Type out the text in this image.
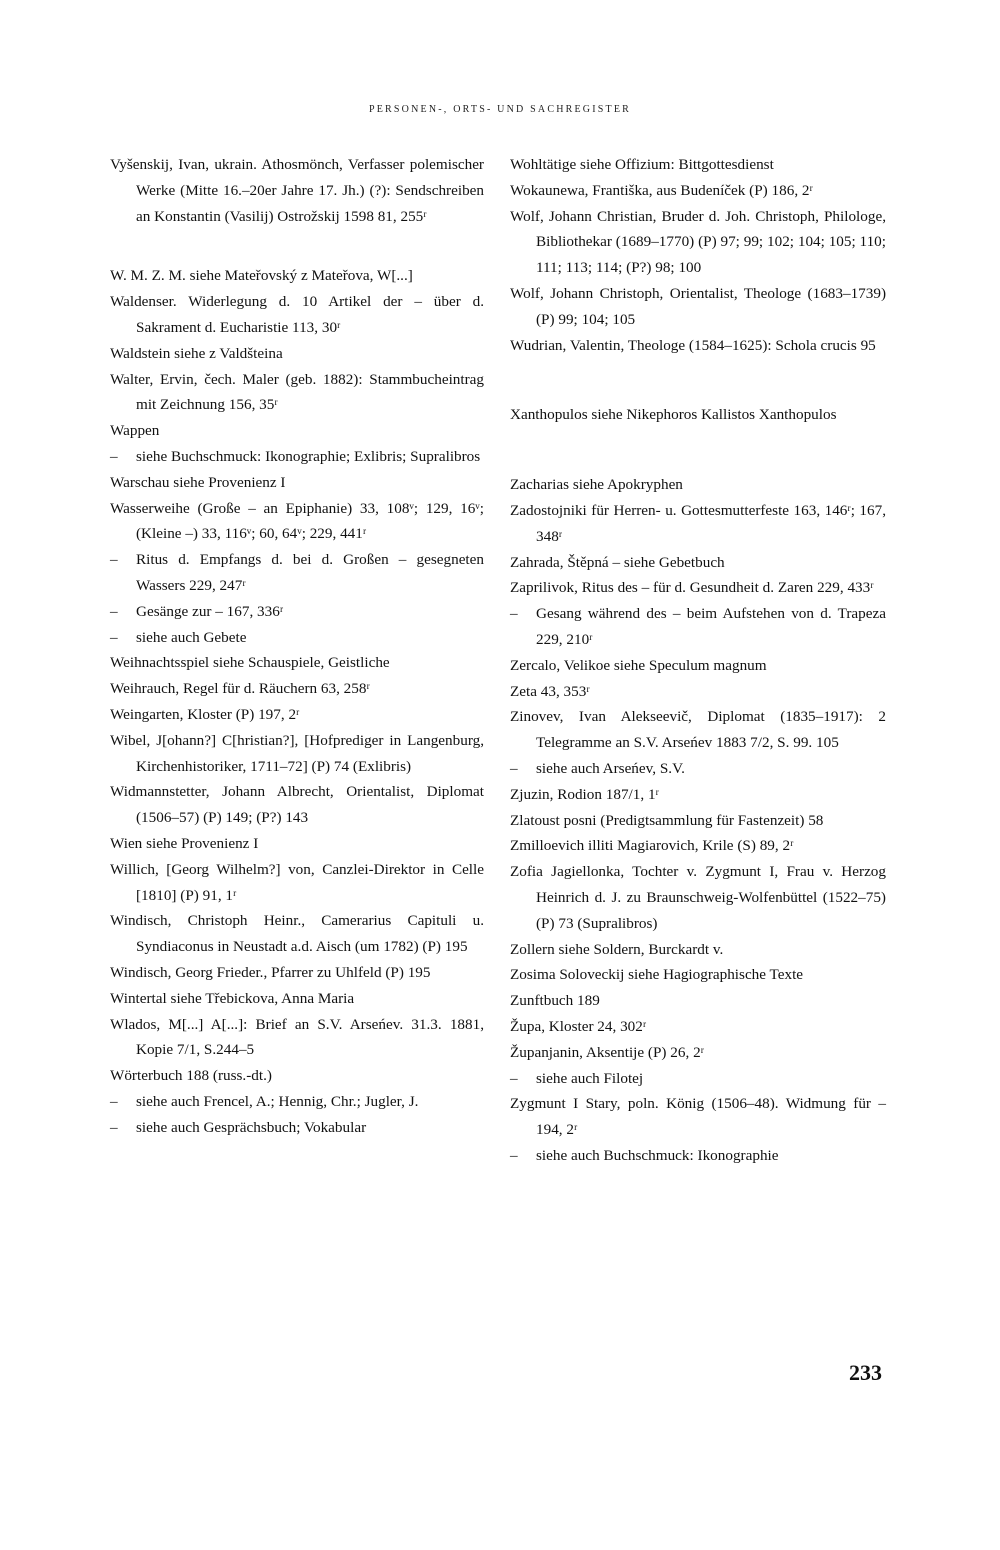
PERSONEN-, ORTS- UND SACHREGISTER
Vyšenskij, Ivan, ukrain. Athosmönch, Verfasser polemischer Werke (Mitte 16.–20er Jahre 17. Jh.) (?): Sendschreiben an Konstantin (Vasilij) Ostrožskij 1598 81, 255ʳ
W. M. Z. M. siehe Mateřovský z Mateřova, W[...]
Waldenser. Widerlegung d. 10 Artikel der – über d. Sakrament d. Eucharistie 113, 30ʳ
Waldstein siehe z Valdšteina
Walter, Ervin, čech. Maler (geb. 1882): Stammbucheintrag mit Zeichnung 156, 35ʳ
Wappen
– siehe Buchschmuck: Ikonographie; Exlibris; Supralibros
Warschau siehe Provenienz I
Wasserweihe (Große – an Epiphanie) 33, 108ᵛ; 129, 16ᵛ; (Kleine –) 33, 116ᵛ; 60, 64ᵛ; 229, 441ʳ
– Ritus d. Empfangs d. bei d. Großen – gesegneten Wassers 229, 247ʳ
– Gesänge zur – 167, 336ʳ
– siehe auch Gebete
Weihnachtsspiel siehe Schauspiele, Geistliche
Weihrauch, Regel für d. Räuchern 63, 258ʳ
Weingarten, Kloster (P) 197, 2ʳ
Wibel, J[ohann?] C[hristian?], [Hofprediger in Langenburg, Kirchenhistoriker, 1711–72] (P) 74 (Exlibris)
Widmannstetter, Johann Albrecht, Orientalist, Diplomat (1506–57) (P) 149; (P?) 143
Wien siehe Provenienz I
Willich, [Georg Wilhelm?] von, Canzlei-Direktor in Celle [1810] (P) 91, 1ʳ
Windisch, Christoph Heinr., Camerarius Capituli u. Syndiaconus in Neustadt a.d. Aisch (um 1782) (P) 195
Windisch, Georg Frieder., Pfarrer zu Uhlfeld (P) 195
Wintertal siehe Třebickova, Anna Maria
Wlados, M[...] A[...]: Brief an S.V. Arseńev. 31.3. 1881, Kopie 7/1, S.244–5
Wörterbuch 188 (russ.-dt.)
– siehe auch Frencel, A.; Hennig, Chr.; Jugler, J.
– siehe auch Gesprächsbuch; Vokabular
Wohltätige siehe Offizium: Bittgottesdienst
Wokaunewa, Františka, aus Budeníček (P) 186, 2ʳ
Wolf, Johann Christian, Bruder d. Joh. Christoph, Philologe, Bibliothekar (1689–1770) (P) 97; 99; 102; 104; 105; 110; 111; 113; 114; (P?) 98; 100
Wolf, Johann Christoph, Orientalist, Theologe (1683–1739) (P) 99; 104; 105
Wudrian, Valentin, Theologe (1584–1625): Schola crucis 95
Xanthopulos siehe Nikephoros Kallistos Xanthopulos
Zacharias siehe Apokryphen
Zadostojniki für Herren- u. Gottesmutterfeste 163, 146ʳ; 167, 348ʳ
Zahrada, Štěpná – siehe Gebetbuch
Zaprilivok, Ritus des – für d. Gesundheit d. Zaren 229, 433ʳ
– Gesang während des – beim Aufstehen von d. Trapeza 229, 210ʳ
Zercalo, Velikoe siehe Speculum magnum
Zeta 43, 353ʳ
Zinovev, Ivan Alekseevič, Diplomat (1835–1917): 2 Telegramme an S.V. Arseńev 1883 7/2, S. 99. 105
– siehe auch Arseńev, S.V.
Zjuzin, Rodion 187/1, 1ʳ
Zlatoust posni (Predigtsammlung für Fastenzeit) 58
Zmilloevich illiti Magiarovich, Krile (S) 89, 2ʳ
Zofia Jagiellonka, Tochter v. Zygmunt I, Frau v. Herzog Heinrich d. J. zu Braunschweig-Wolfenbüttel (1522–75) (P) 73 (Supralibros)
Zollern siehe Soldern, Burckardt v.
Zosima Soloveckij siehe Hagiographische Texte
Zunftbuch 189
Župa, Kloster 24, 302ʳ
Županjanin, Aksentije (P) 26, 2ʳ
– siehe auch Filotej
Zygmunt I Stary, poln. König (1506–48). Widmung für – 194, 2ʳ
– siehe auch Buchschmuck: Ikonographie
233
